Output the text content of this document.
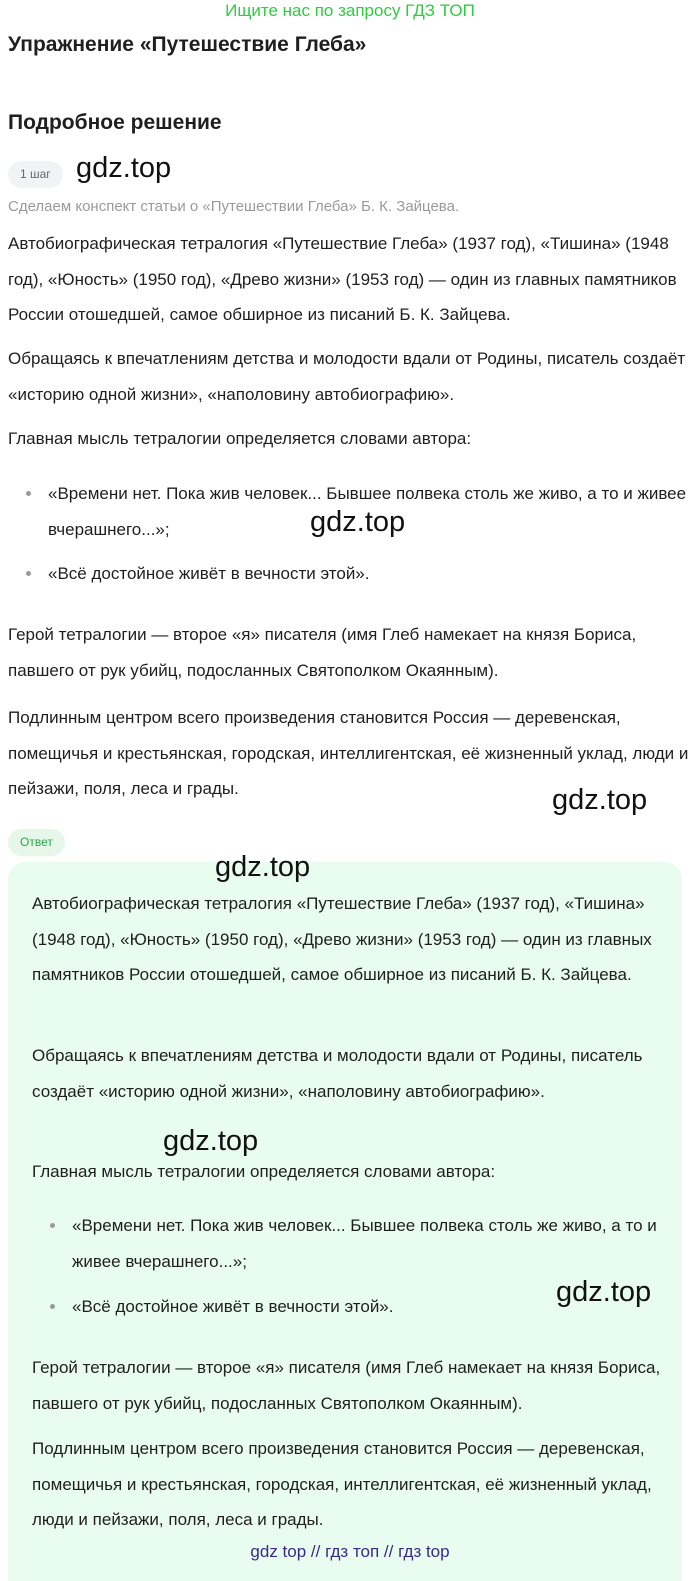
Ищите нас по запросу ГДЗ ТОП
Упражнение «Путешествие Глеба»
Подробное решение
1 шаг gdz.top
Сделаем конспект статьи о «Путешествии Глеба» Б. К. Зайцева.

Автобиографическая тетралогия «Путешествие Глеба» (1937 год), «Тишина» (1948 год), «Юность» (1950 год), «Древо жизни» (1953 год) — один из главных памятников России отошедшей, самое обширное из писаний Б. К. Зайцева.

Обращаясь к впечатлениям детства и молодости вдали от Родины, писатель создаёт «историю одной жизни», «наполовину автобиографию».

Главная мысль тетралогии определяется словами автора:

«Времени нет. Пока жив человек... Бывшее полвека столь же живо, а то и живее вчерашнего...»;
«Всё достойное живёт в вечности этой».

Герой тетралогии — второе «я» писателя (имя Глеб намекает на князя Бориса, павшего от рук убийц, подосланных Святополком Окаянным).

Подлинным центром всего произведения становится Россия — деревенская, помещичья и крестьянская, городская, интеллигентская, её жизненный уклад, люди и пейзажи, поля, леса и грады.

gdz.top
gdz.top
Ответ

Автобиографическая тетралогия «Путешествие Глеба» (1937 год), «Тишина» (1948 год), «Юность» (1950 год), «Древо жизни» (1953 год) — один из главных памятников России отошедшей, самое обширное из писаний Б. К. Зайцева.

Обращаясь к впечатлениям детства и молодости вдали от Родины, писатель создаёт «историю одной жизни», «наполовину автобиографию».

Главная мысль тетралогии определяется словами автора:

«Времени нет. Пока жив человек... Бывшее полвека столь же живо, а то и живее вчерашнего...»;
«Всё достойное живёт в вечности этой».

Герой тетралогии — второе «я» писателя (имя Глеб намекает на князя Бориса, павшего от рук убийц, подосланных Святополком Окаянным).

Подлинным центром всего произведения становится Россия — деревенская, помещичья и крестьянская, городская, интеллигентская, её жизненный уклад, люди и пейзажи, поля, леса и грады.

gdz.top
gdz.top
gdz.top
gdz top // гдз топ // гдз top
